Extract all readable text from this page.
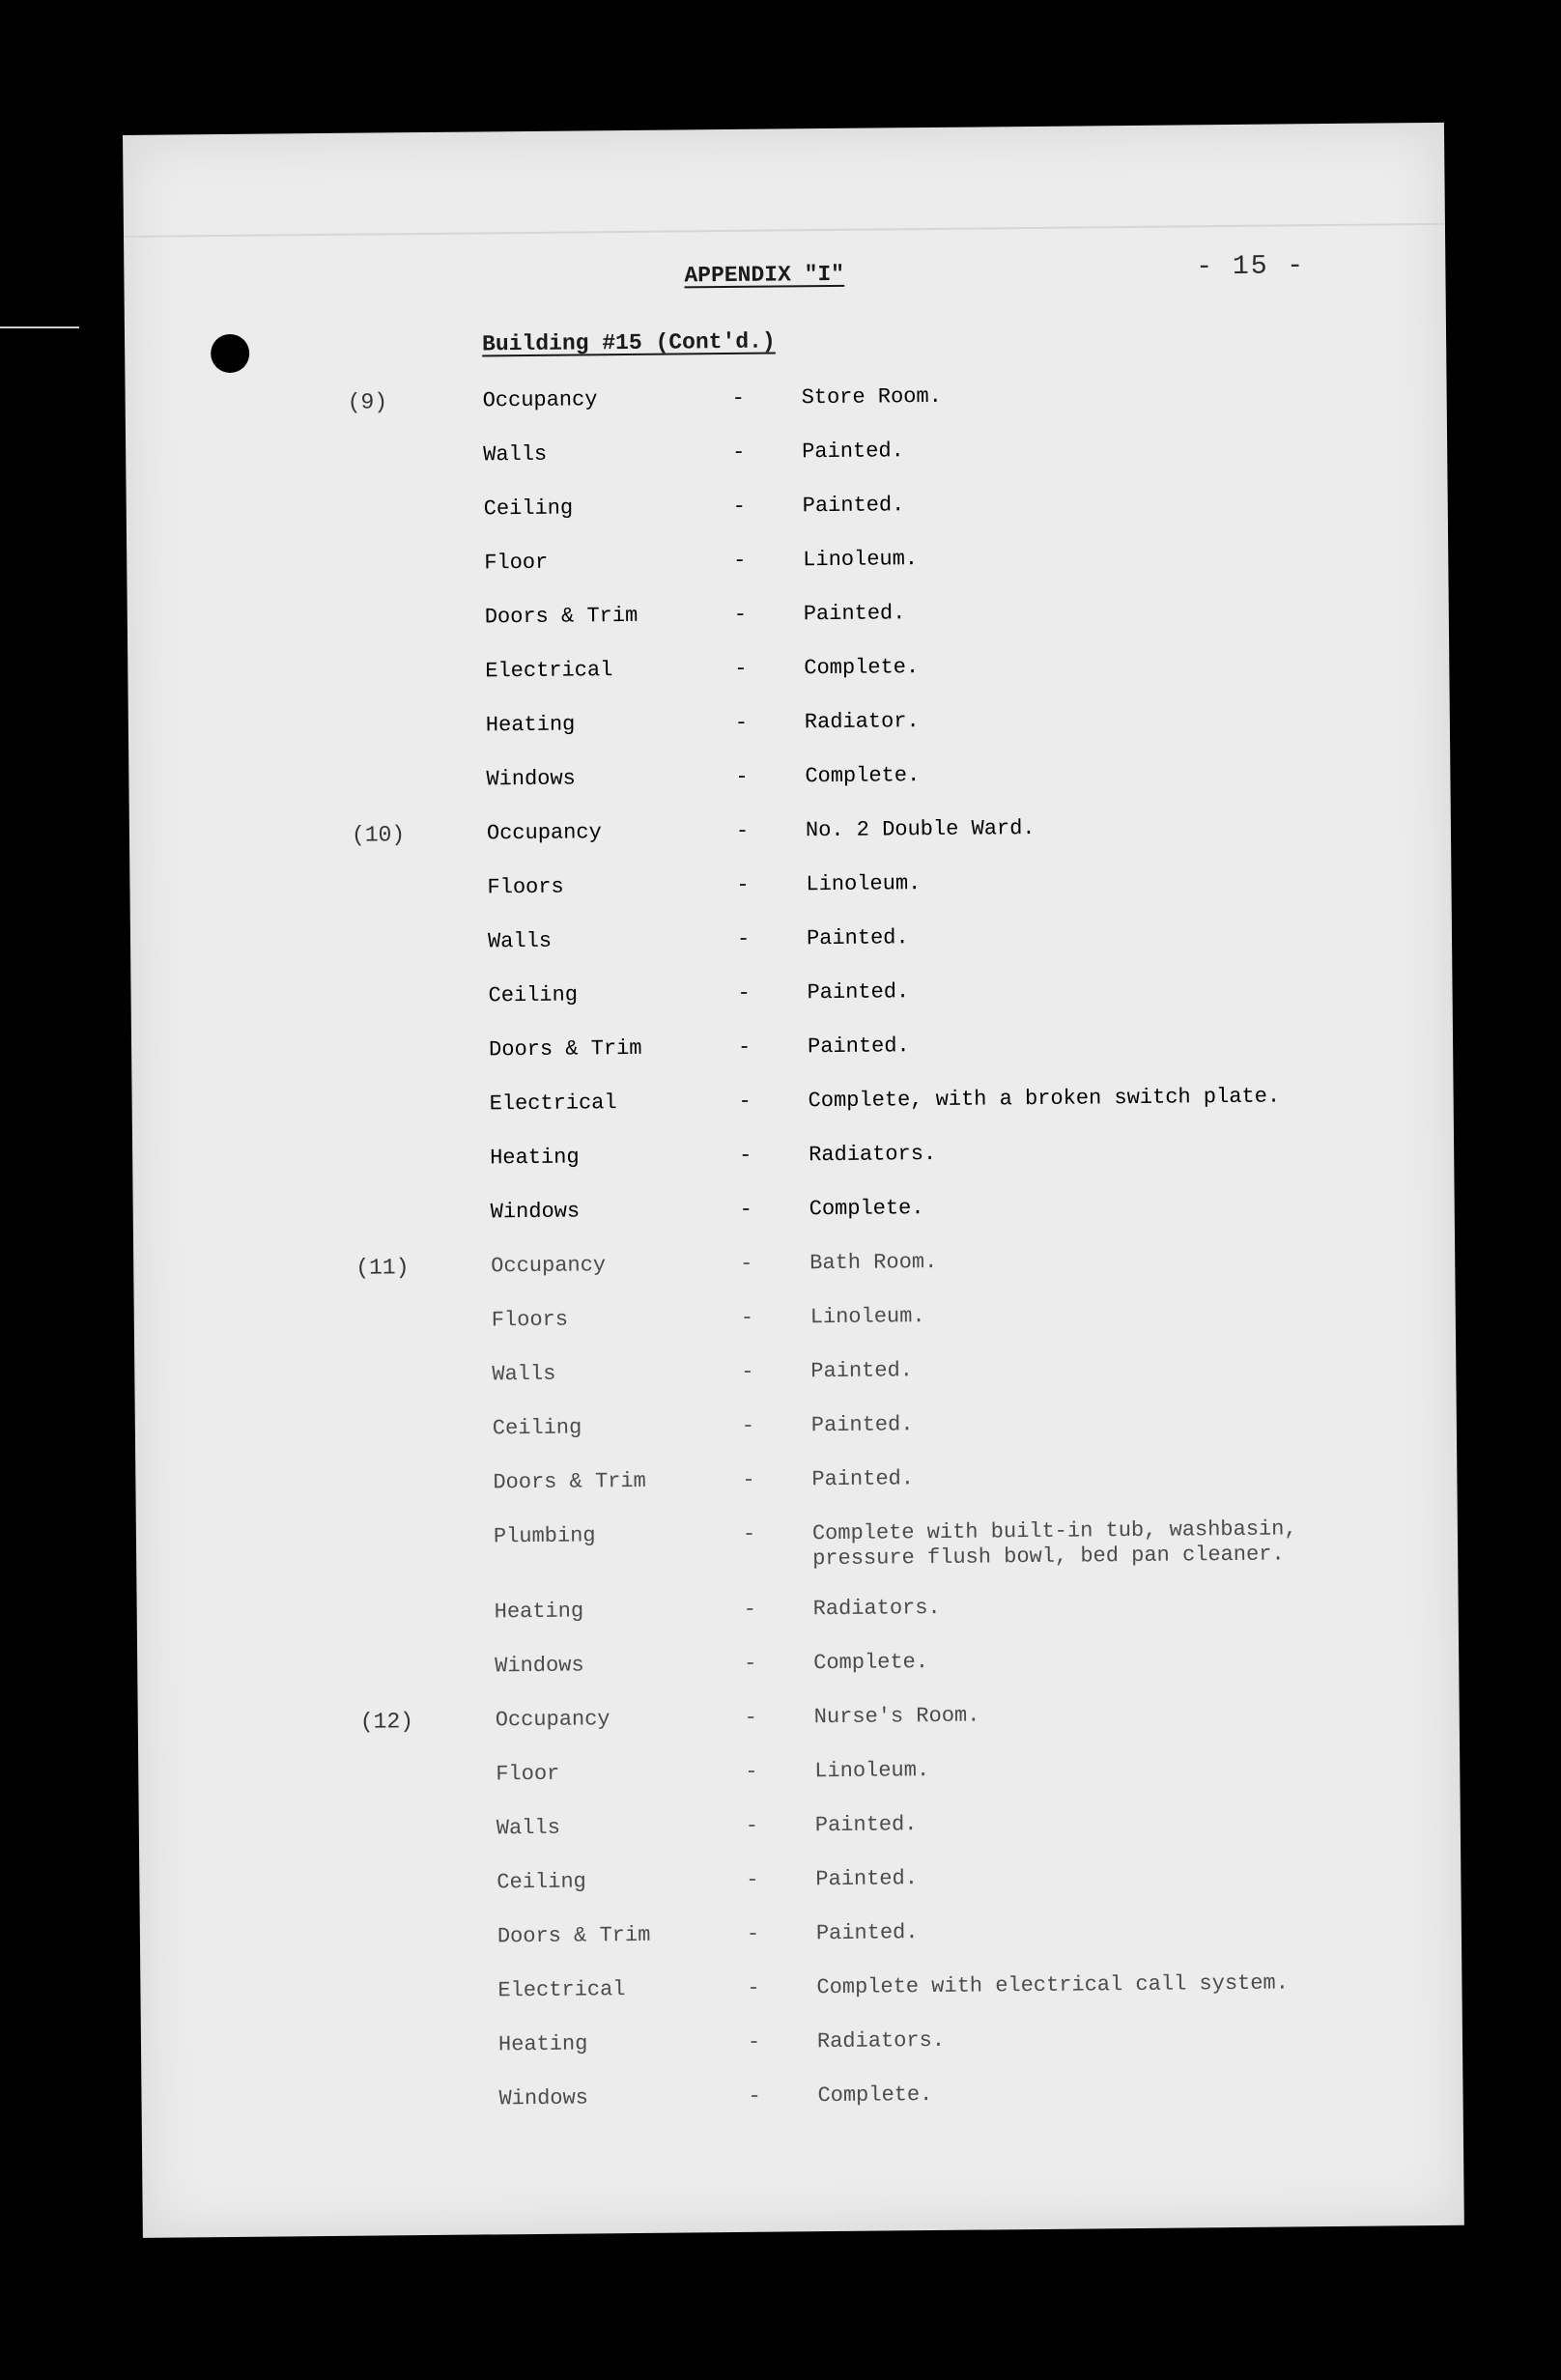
APPENDIX "I"	- 15 -
Building #15 (Cont'd.)
(9)	Occupancy	-	Store Room.
Walls	-	Painted.
Ceiling	-	Painted.
Floor	-	Linoleum.
Doors & Trim	-	Painted.
Electrical	-	Complete.
Heating	-	Radiator.
Windows	-	Complete.
(10)	Occupancy	-	No. 2 Double Ward.
Floors	-	Linoleum.
Walls	-	Painted.
Ceiling	-	Painted.
Doors & Trim	-	Painted.
Electrical	-	Complete, with a broken switch plate.
Heating	-	Radiators.
Windows	-	Complete.
(11)	Occupancy	-	Bath Room.
Floors	-	Linoleum.
Walls	-	Painted.
Ceiling	-	Painted.
Doors & Trim	-	Painted.
Plumbing	-	Complete with built-in tub, washbasin, pressure flush bowl, bed pan cleaner.
Heating	-	Radiators.
Windows	-	Complete.
(12)	Occupancy	-	Nurse's Room.
Floor	-	Linoleum.
Walls	-	Painted.
Ceiling	-	Painted.
Doors & Trim	-	Painted.
Electrical	-	Complete with electrical call system.
Heating	-	Radiators.
Windows	-	Complete.
